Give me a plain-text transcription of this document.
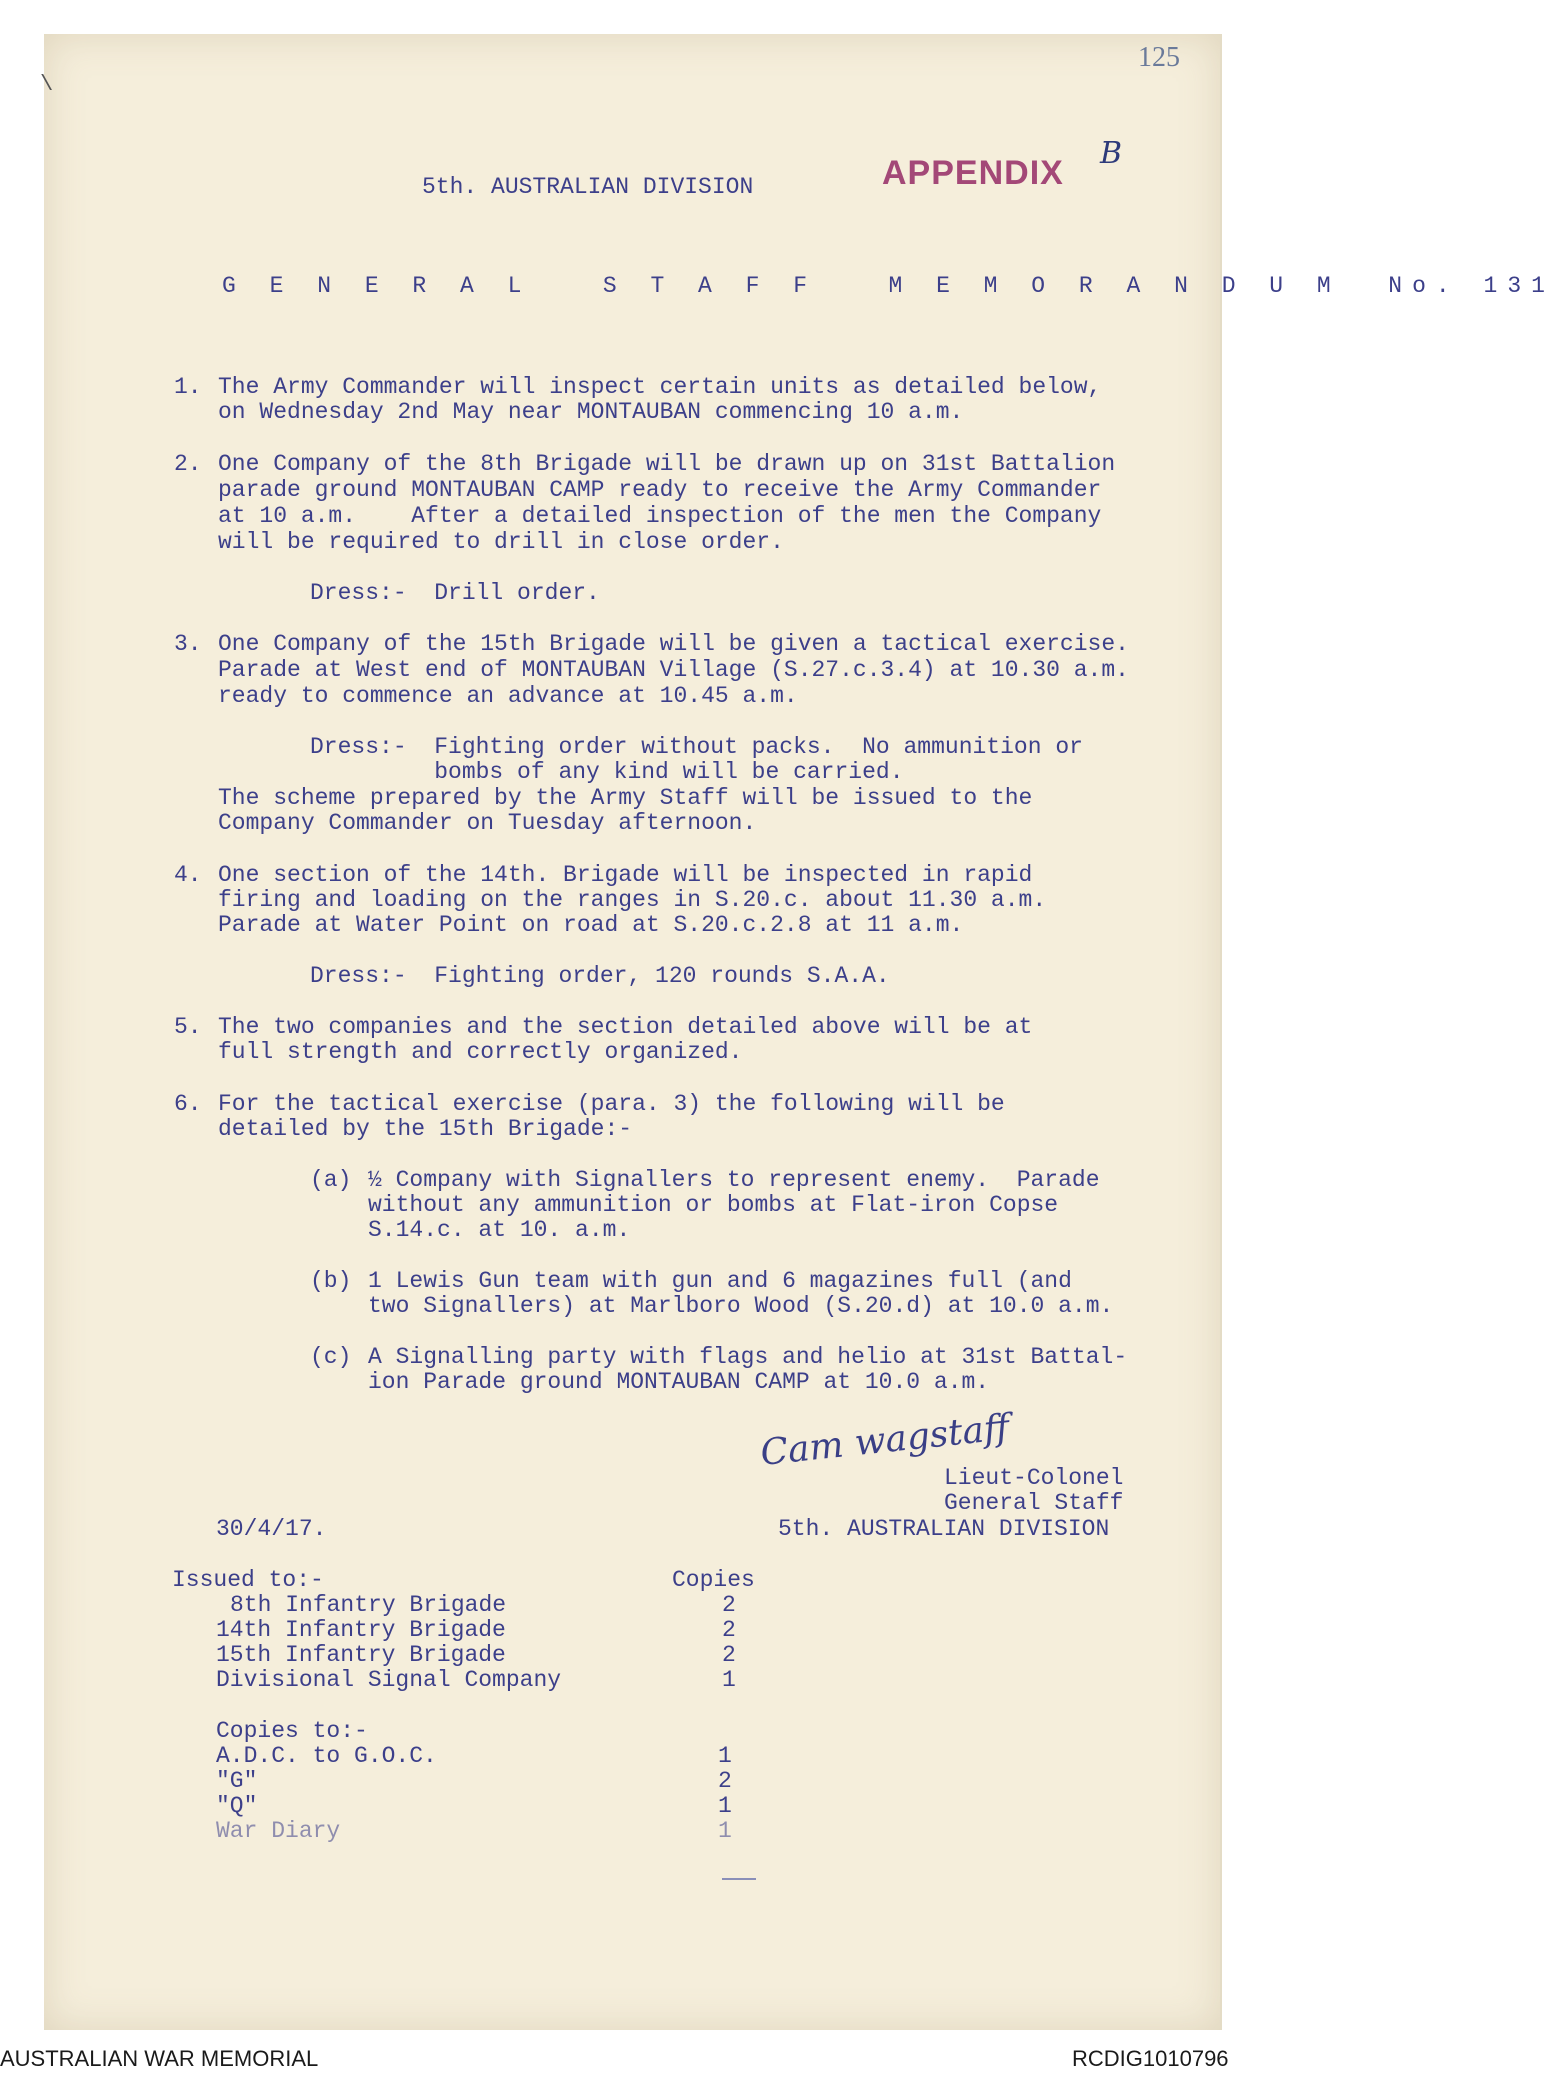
\
125
APPENDIX
B
5th. AUSTRALIAN DIVISION
G E N E R A L   S T A F F   M E M O R A N D U M  No. 131
1. The Army Commander will inspect certain units as detailed below,
on Wednesday 2nd May near MONTAUBAN commencing 10 a.m.
2. One Company of the 8th Brigade will be drawn up on 31st Battalion
parade ground MONTAUBAN CAMP ready to receive the Army Commander
at 10 a.m.    After a detailed inspection of the men the Company
will be required to drill in close order.
Dress:-  Drill order.
3. One Company of the 15th Brigade will be given a tactical exercise.
Parade at West end of MONTAUBAN Village (S.27.c.3.4) at 10.30 a.m.
ready to commence an advance at 10.45 a.m.
Dress:-  Fighting order without packs.  No ammunition or
bombs of any kind will be carried.
The scheme prepared by the Army Staff will be issued to the
Company Commander on Tuesday afternoon.
4. One section of the 14th. Brigade will be inspected in rapid
firing and loading on the ranges in S.20.c. about 11.30 a.m.
Parade at Water Point on road at S.20.c.2.8 at 11 a.m.
Dress:-  Fighting order, 120 rounds S.A.A.
5. The two companies and the section detailed above will be at
full strength and correctly organized.
6. For the tactical exercise (para. 3) the following will be
detailed by the 15th Brigade:-
(a) ½ Company with Signallers to represent enemy.  Parade
without any ammunition or bombs at Flat-iron Copse
S.14.c. at 10. a.m.
(b) 1 Lewis Gun team with gun and 6 magazines full (and
two Signallers) at Marlboro Wood (S.20.d) at 10.0 a.m.
(c) A Signalling party with flags and helio at 31st Battal-
ion Parade ground MONTAUBAN CAMP at 10.0 a.m.
Cam wagstaff
Lieut-Colonel
General Staff
5th. AUSTRALIAN DIVISION
30/4/17.
Issued to:-	Copies
8th Infantry Brigade	2
14th Infantry Brigade	2
15th Infantry Brigade	2
Divisional Signal Company	1
Copies to:-
A.D.C. to G.O.C.	1
"G"	2
"Q"	1
War Diary	1
AUSTRALIAN WAR MEMORIAL	RCDIG1010796
